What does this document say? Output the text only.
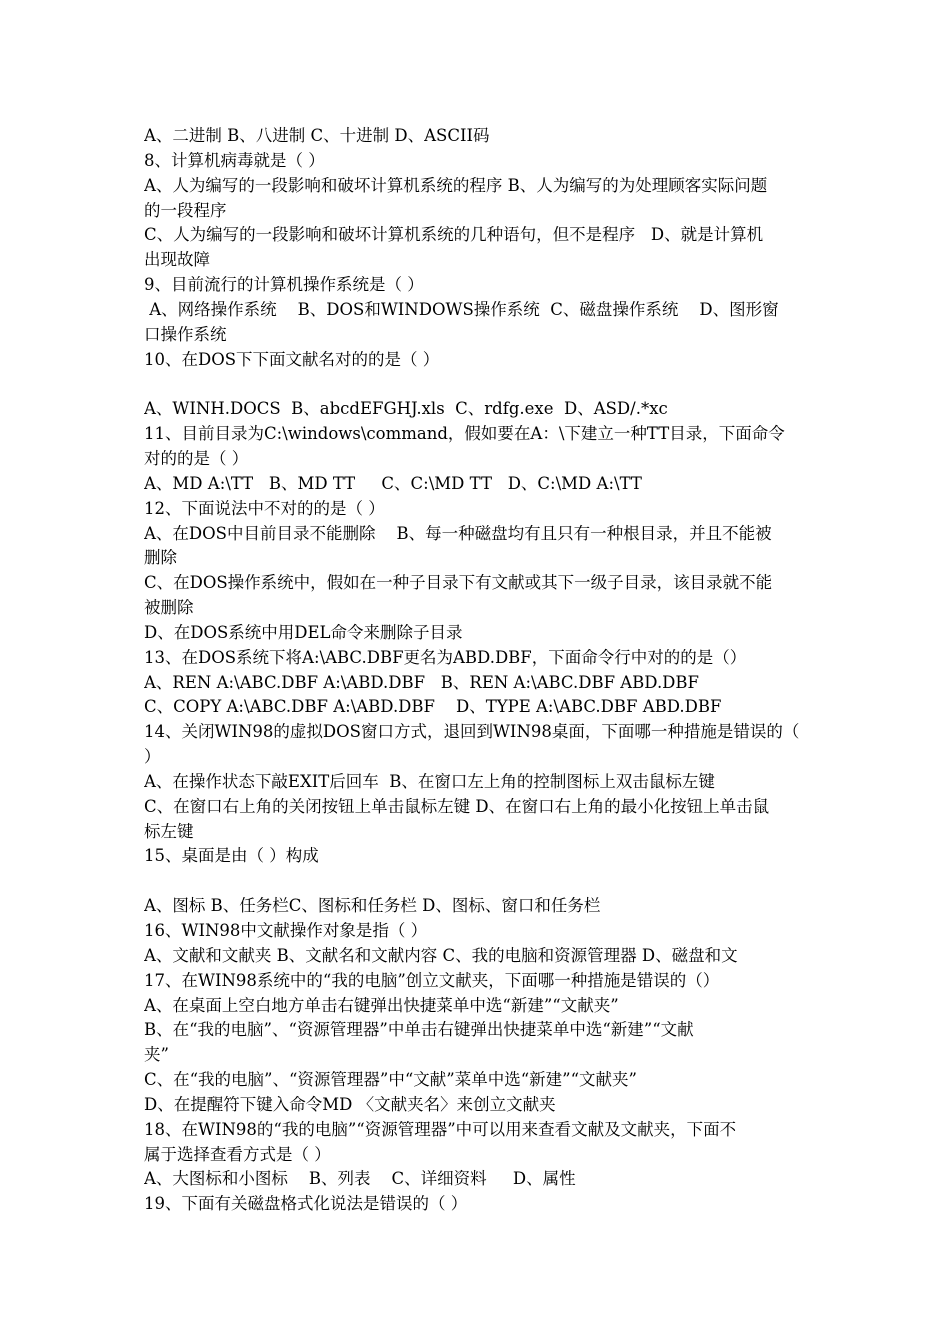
A、二进制 B、八进制 C、十进制 D、ASCII码
8、计算机病毒就是（ ）
A、人为编写的一段影响和破坏计算机系统的程序 B、人为编写的为处理顾客实际问题
的一段程序
C、人为编写的一段影响和破坏计算机系统的几种语句，但不是程序   D、就是计算机
出现故障
9、目前流行的计算机操作系统是（ ）
A、网络操作系统    B、DOS和WINDOWS操作系统  C、磁盘操作系统    D、图形窗
口操作系统
10、在DOS下下面文献名对的的是（ ）
A、WINH.DOCS  B、abcdEFGHJ.xls  C、rdfg.exe  D、ASD/.*xc
11、目前目录为C:\windows\command，假如要在A：\下建立一种TT目录，下面命令
对的的是（ ）
A、MD A:\TT   B、MD TT     C、C:\MD TT   D、C:\MD A:\TT
12、下面说法中不对的的是（ ）
A、在DOS中目前目录不能删除    B、每一种磁盘均有且只有一种根目录，并且不能被
删除
C、在DOS操作系统中，假如在一种子目录下有文献或其下一级子目录，该目录就不能
被删除
D、在DOS系统中用DEL命令来删除子目录
13、在DOS系统下将A:\ABC.DBF更名为ABD.DBF，下面命令行中对的的是（）
A、REN A:\ABC.DBF A:\ABD.DBF   B、REN A:\ABC.DBF ABD.DBF
C、COPY A:\ABC.DBF A:\ABD.DBF    D、TYPE A:\ABC.DBF ABD.DBF
14、关闭WIN98的虚拟DOS窗口方式，退回到WIN98桌面，下面哪一种措施是错误的（
）
A、在操作状态下敲EXIT后回车  B、在窗口左上角的控制图标上双击鼠标左键
C、在窗口右上角的关闭按钮上单击鼠标左键 D、在窗口右上角的最小化按钮上单击鼠
标左键
15、桌面是由（ ）构成
A、图标 B、任务栏C、图标和任务栏 D、图标、窗口和任务栏
16、WIN98中文献操作对象是指（ ）
A、文献和文献夹 B、文献名和文献内容 C、我的电脑和资源管理器 D、磁盘和文
17、在WIN98系统中的“我的电脑”创立文献夹，下面哪一种措施是错误的（）
A、在桌面上空白地方单击右键弹出快捷菜单中选“新建”“文献夹”
B、在“我的电脑”、“资源管理器”中单击右键弹出快捷菜单中选“新建”“文献
夹”
C、在“我的电脑”、“资源管理器”中“文献”菜单中选“新建”“文献夹”
D、在提醒符下键入命令MD 〈文献夹名〉来创立文献夹
18、在WIN98的“我的电脑”“资源管理器”中可以用来查看文献及文献夹，下面不
属于选择查看方式是（ ）
A、大图标和小图标    B、列表    C、详细资料     D、属性
19、下面有关磁盘格式化说法是错误的（ ）
